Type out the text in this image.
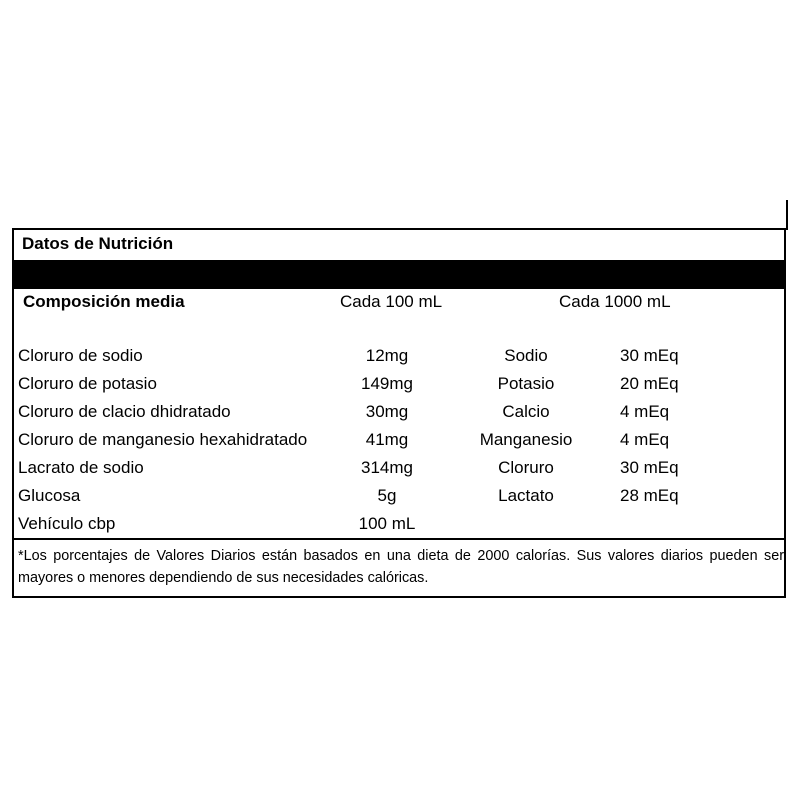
Datos de Nutrición
Composición media	Cada 100 mL	Cada 1000 mL
Cloruro de sodio	12mg	Sodio	30 mEq
Cloruro de potasio	149mg	Potasio	20 mEq
Cloruro de clacio dhidratado	30mg	Calcio	4 mEq
Cloruro de manganesio hexahidratado	41mg	Manganesio	4 mEq
Lacrato de sodio	314mg	Cloruro	30 mEq
Glucosa	5g	Lactato	28 mEq
Vehículo cbp	100 mL
*Los porcentajes de Valores Diarios están basados en una dieta de 2000 calorías. Sus valores diarios pueden ser mayores o menores dependiendo de sus necesidades calóricas.
